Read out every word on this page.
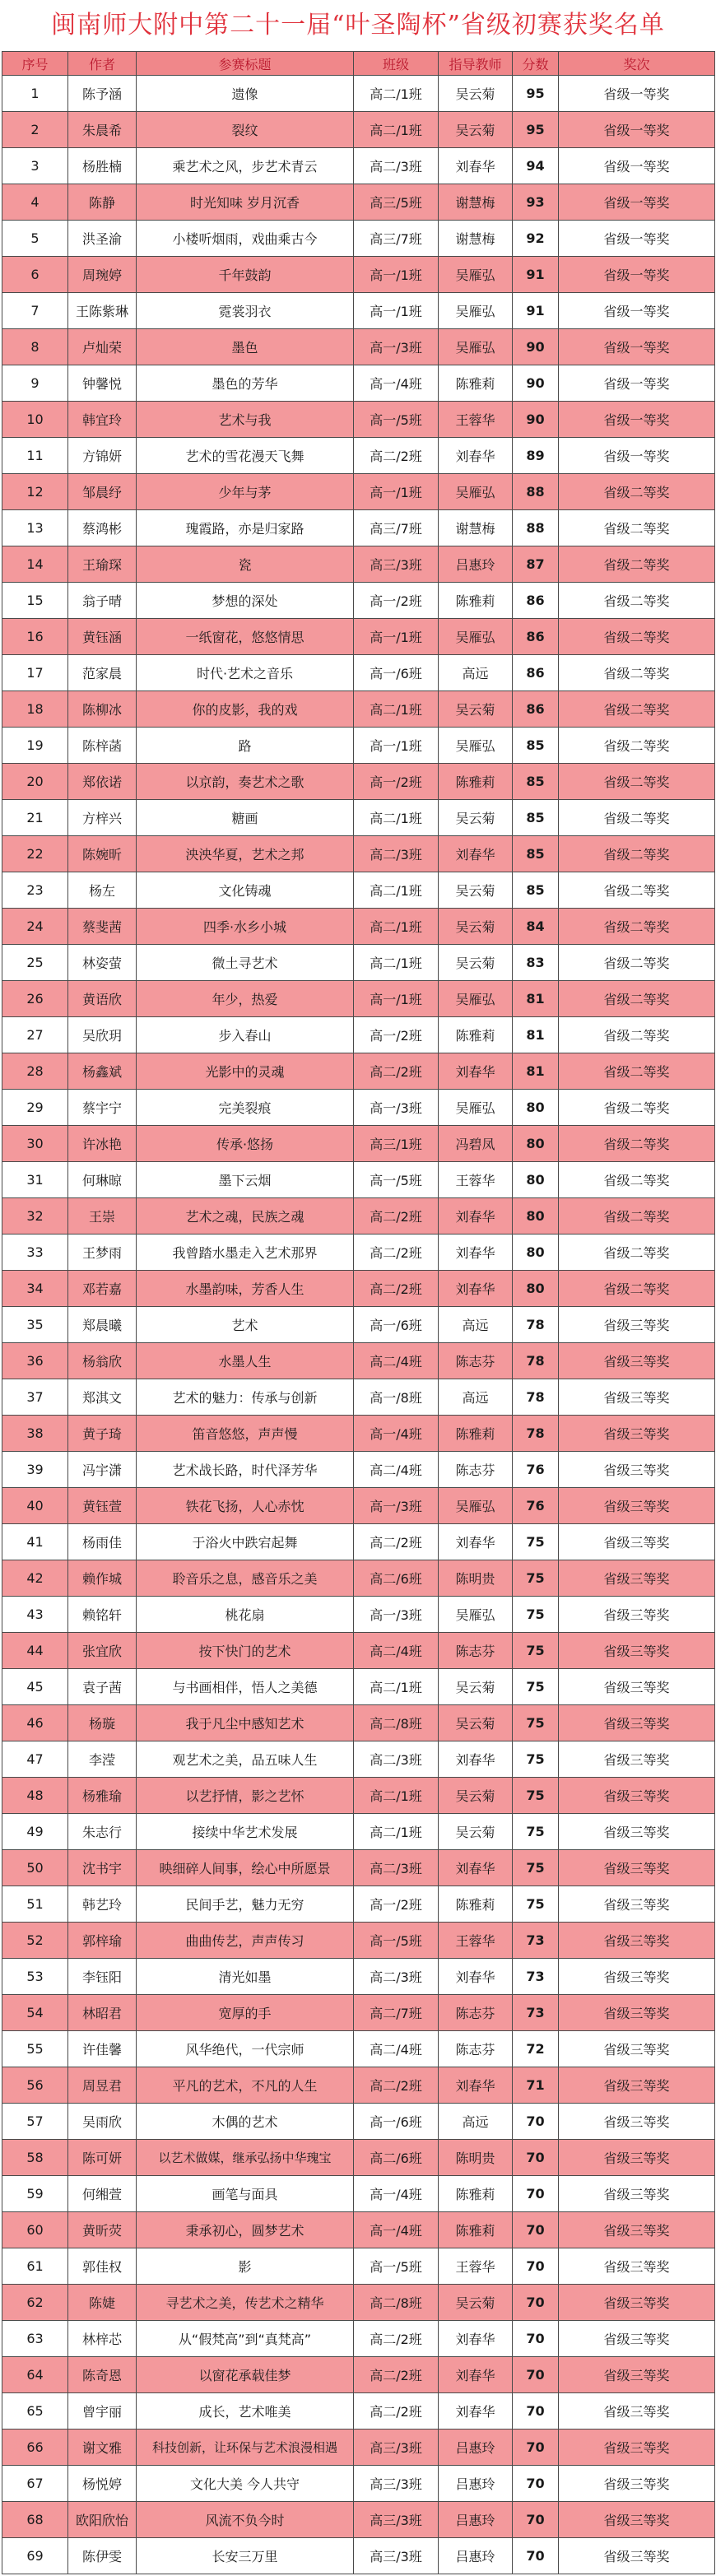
闽南师大附中第二十一届“叶圣陶杯”省级初赛获奖名单
序号	作者	参赛标题	班级	指导教师	分数	奖次
1	陈予涵	遗像	高二/1班	吴云菊	95	省级一等奖
2	朱晨希	裂纹	高二/1班	吴云菊	95	省级一等奖
3	杨胜楠	乘艺术之风，步艺术青云	高二/3班	刘春华	94	省级一等奖
4	陈静	时光知味 岁月沉香	高三/5班	谢慧梅	93	省级一等奖
5	洪圣渝	小楼听烟雨，戏曲乘古今	高三/7班	谢慧梅	92	省级一等奖
6	周琬婷	千年鼓韵	高一/1班	吴雁弘	91	省级一等奖
7	王陈紫琳	霓裳羽衣	高一/1班	吴雁弘	91	省级一等奖
8	卢灿荣	墨色	高一/3班	吴雁弘	90	省级一等奖
9	钟馨悦	墨色的芳华	高一/4班	陈雅莉	90	省级一等奖
10	韩宜玲	艺术与我	高一/5班	王蓉华	90	省级一等奖
11	方锦妍	艺术的雪花漫天飞舞	高二/2班	刘春华	89	省级一等奖
12	邹晨纾	少年与茅	高一/1班	吴雁弘	88	省级二等奖
13	蔡鸿彬	瑰霞路，亦是归家路	高三/7班	谢慧梅	88	省级二等奖
14	王瑜琛	瓷	高三/3班	吕惠玲	87	省级二等奖
15	翁子晴	梦想的深处	高一/2班	陈雅莉	86	省级二等奖
16	黄钰涵	一纸窗花，悠悠情思	高一/1班	吴雁弘	86	省级二等奖
17	范家晨	时代·艺术之音乐	高一/6班	高远	86	省级二等奖
18	陈柳冰	你的皮影，我的戏	高二/1班	吴云菊	86	省级二等奖
19	陈梓菡	路	高一/1班	吴雁弘	85	省级二等奖
20	郑依诺	以京韵，奏艺术之歌	高一/2班	陈雅莉	85	省级二等奖
21	方梓兴	糖画	高二/1班	吴云菊	85	省级二等奖
22	陈婉昕	泱泱华夏，艺术之邦	高二/3班	刘春华	85	省级二等奖
23	杨左	文化铸魂	高二/1班	吴云菊	85	省级二等奖
24	蔡斐茜	四季·水乡小城	高二/1班	吴云菊	84	省级二等奖
25	林姿萤	微土寻艺术	高二/1班	吴云菊	83	省级二等奖
26	黄语欣	年少，热爱	高一/1班	吴雁弘	81	省级二等奖
27	吴欣玥	步入春山	高一/2班	陈雅莉	81	省级二等奖
28	杨鑫斌	光影中的灵魂	高二/2班	刘春华	81	省级二等奖
29	蔡宇宁	完美裂痕	高一/3班	吴雁弘	80	省级二等奖
30	许冰艳	传承·悠扬	高三/1班	冯碧凤	80	省级二等奖
31	何琳晾	墨下云烟	高一/5班	王蓉华	80	省级二等奖
32	王崇	艺术之魂，民族之魂	高二/2班	刘春华	80	省级二等奖
33	王梦雨	我曾踏水墨走入艺术那界	高二/2班	刘春华	80	省级二等奖
34	邓若嘉	水墨韵味，芳香人生	高二/2班	刘春华	80	省级二等奖
35	郑晨曦	艺术	高一/6班	高远	78	省级三等奖
36	杨翁欣	水墨人生	高二/4班	陈志芬	78	省级三等奖
37	郑淇文	艺术的魅力：传承与创新	高一/8班	高远	78	省级三等奖
38	黄子琦	笛音悠悠，声声慢	高一/4班	陈雅莉	78	省级三等奖
39	冯宇潇	艺术战长路，时代泽芳华	高二/4班	陈志芬	76	省级三等奖
40	黄钰萱	铁花飞扬，人心赤忱	高一/3班	吴雁弘	76	省级三等奖
41	杨雨佳	于浴火中跌宕起舞	高二/2班	刘春华	75	省级三等奖
42	赖作城	聆音乐之息，感音乐之美	高二/6班	陈明贵	75	省级三等奖
43	赖铭轩	桃花扇	高一/3班	吴雁弘	75	省级三等奖
44	张宜欣	按下快门的艺术	高二/4班	陈志芬	75	省级三等奖
45	袁子茜	与书画相伴，悟人之美德	高二/1班	吴云菊	75	省级三等奖
46	杨璇	我于凡尘中感知艺术	高二/8班	吴云菊	75	省级三等奖
47	李滢	观艺术之美，品五味人生	高二/3班	刘春华	75	省级三等奖
48	杨雅瑜	以艺抒情，影之艺怀	高二/1班	吴云菊	75	省级三等奖
49	朱志行	接续中华艺术发展	高二/1班	吴云菊	75	省级三等奖
50	沈书宇	映细碎人间事，绘心中所愿景	高二/3班	刘春华	75	省级三等奖
51	韩艺玲	民间手艺，魅力无穷	高一/2班	陈雅莉	75	省级三等奖
52	郭梓瑜	曲曲传艺，声声传习	高一/5班	王蓉华	73	省级三等奖
53	李钰阳	清光如墨	高二/3班	刘春华	73	省级三等奖
54	林昭君	宽厚的手	高二/7班	陈志芬	73	省级三等奖
55	许佳馨	风华绝代，一代宗师	高二/4班	陈志芬	72	省级三等奖
56	周昱君	平凡的艺术，不凡的人生	高二/2班	刘春华	71	省级三等奖
57	吴雨欣	木偶的艺术	高一/6班	高远	70	省级三等奖
58	陈可妍	以艺术做媒，继承弘扬中华瑰宝	高二/6班	陈明贵	70	省级三等奖
59	何缃萱	画笔与面具	高一/4班	陈雅莉	70	省级三等奖
60	黄昕荧	秉承初心，圆梦艺术	高一/4班	陈雅莉	70	省级三等奖
61	郭佳权	影	高一/5班	王蓉华	70	省级三等奖
62	陈婕	寻艺术之美，传艺术之精华	高二/8班	吴云菊	70	省级三等奖
63	林梓芯	从“假梵高”到“真梵高”	高二/2班	刘春华	70	省级三等奖
64	陈奇恩	以窗花承载佳梦	高二/2班	刘春华	70	省级三等奖
65	曾宇丽	成长，艺术唯美	高二/2班	刘春华	70	省级三等奖
66	谢文雅	科技创新，让环保与艺术浪漫相遇	高三/3班	吕惠玲	70	省级三等奖
67	杨悦婷	文化大美 今人共守	高三/3班	吕惠玲	70	省级三等奖
68	欧阳欣怡	风流不负今时	高三/3班	吕惠玲	70	省级三等奖
69	陈伊雯	长安三万里	高三/3班	吕惠玲	70	省级三等奖
